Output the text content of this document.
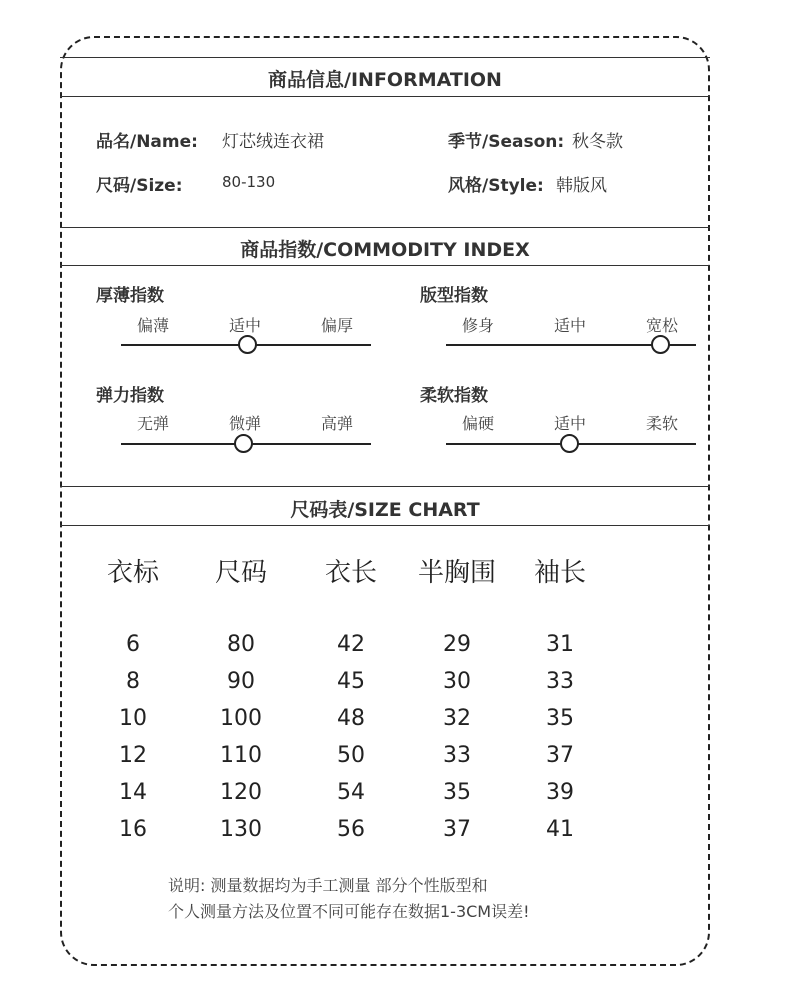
商品信息/INFORMATION
品名/Name: 灯芯绒连衣裙	季节/Season: 秋冬款
尺码/Size:	80-130	风格/Style: 韩版风
商品指数/COMMODITY INDEX
厚薄指数
偏薄	适中	偏厚
版型指数
修身	适中	宽松
弹力指数
无弹	微弹	高弹
柔软指数
偏硬	适中	柔软
尺码表/SIZE CHART
衣标	尺码	衣长	半胸围	袖长
6	80	42	29	31
8	90	45	30	33
10	100	48	32	35
12	110	50	33	37
14	120	54	35	39
16	130	56	37	41
说明: 测量数据均为手工测量 部分个性版型和
个人测量方法及位置不同可能存在数据1-3CM误差!
